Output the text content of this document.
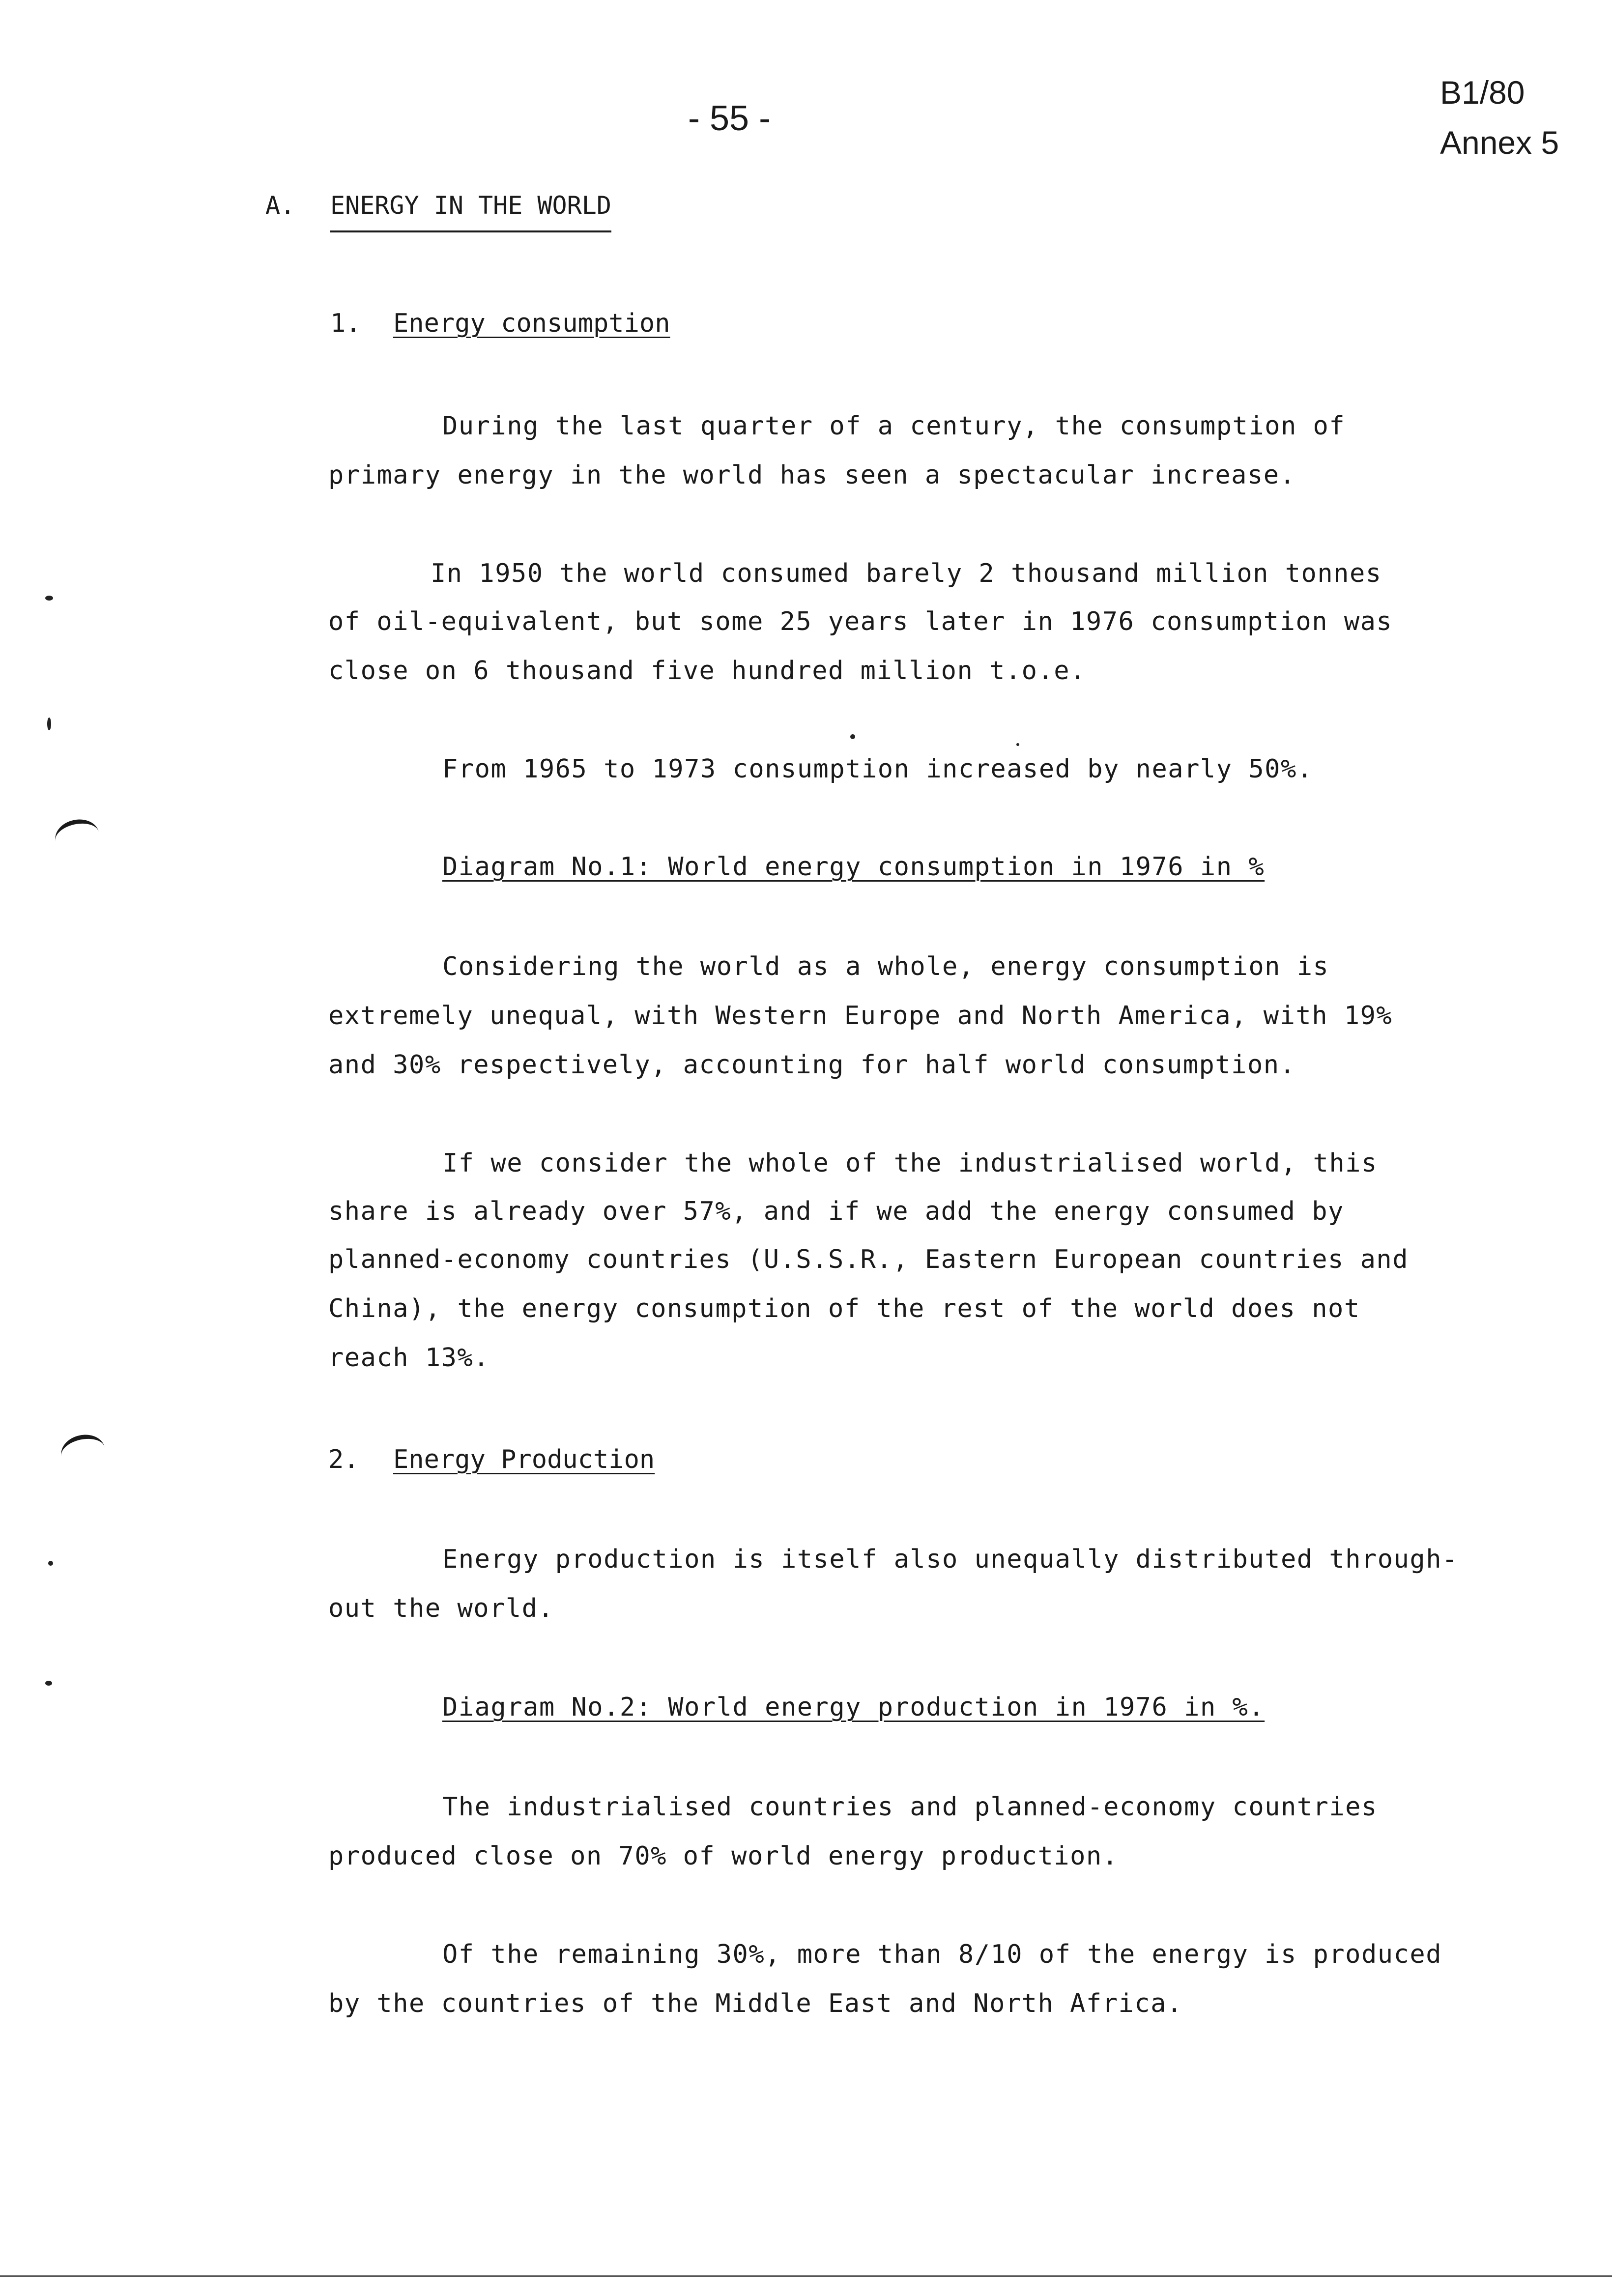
- 55 -
B1/80
Annex 5
A. ENERGY IN THE WORLD
1. Energy consumption
During the last quarter of a century, the consumption of
primary energy in the world has seen a spectacular increase.
In 1950 the world consumed barely 2 thousand million tonnes
of oil-equivalent, but some 25 years later in 1976 consumption was
close on 6 thousand five hundred million t.o.e.
From 1965 to 1973 consumption increased by nearly 50%.
Diagram No.1: World energy consumption in 1976 in %
Considering the world as a whole, energy consumption is
extremely unequal, with Western Europe and North America, with 19%
and 30% respectively, accounting for half world consumption.
If we consider the whole of the industrialised world, this
share is already over 57%, and if we add the energy consumed by
planned-economy countries (U.S.S.R., Eastern European countries and
China), the energy consumption of the rest of the world does not
reach 13%.
2. Energy Production
Energy production is itself also unequally distributed through-
out the world.
Diagram No.2: World energy production in 1976 in %.
The industrialised countries and planned-economy countries
produced close on 70% of world energy production.
Of the remaining 30%, more than 8/10 of the energy is produced
by the countries of the Middle East and North Africa.
